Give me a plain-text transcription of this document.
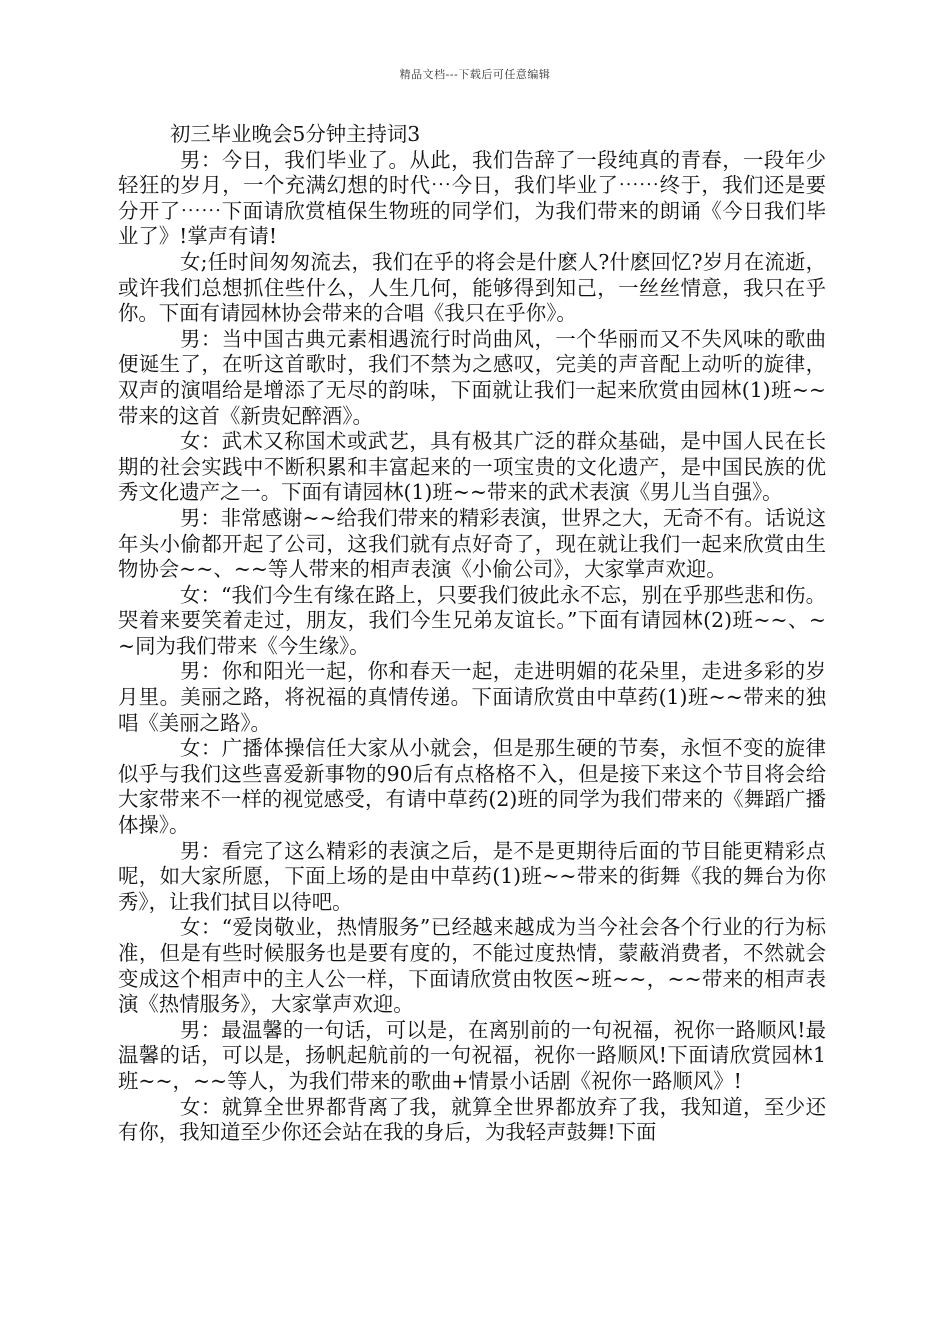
精品文档---下载后可任意编辑
初三毕业晚会5分钟主持词3

男：今日，我们毕业了。从此，我们告辞了一段纯真的青春，一段年少轻狂的岁月，一个充满幻想的时代⋯今日，我们毕业了⋯⋯终于，我们还是要分开了⋯⋯下面请欣赏植保生物班的同学们，为我们带来的朗诵《今日我们毕业了》!掌声有请!

女;任时间匆匆流去，我们在乎的将会是什麽人?什麽回忆?岁月在流逝，或许我们总想抓住些什么，人生几何，能够得到知己，一丝丝情意，我只在乎你。下面有请园林协会带来的合唱《我只在乎你》。

男：当中国古典元素相遇流行时尚曲风，一个华丽而又不失风味的歌曲便诞生了，在听这首歌时，我们不禁为之感叹，完美的声音配上动听的旋律，双声的演唱给是增添了无尽的韵味，下面就让我们一起来欣赏由园林(1)班~~带来的这首《新贵妃醉酒》。

女：武术又称国术或武艺，具有极其广泛的群众基础，是中国人民在长期的社会实践中不断积累和丰富起来的一项宝贵的文化遗产，是中国民族的优秀文化遗产之一。下面有请园林(1)班~~带来的武术表演《男儿当自强》。

男：非常感谢~~给我们带来的精彩表演，世界之大，无奇不有。话说这年头小偷都开起了公司，这我们就有点好奇了，现在就让我们一起来欣赏由生物协会~~、~~等人带来的相声表演《小偷公司》，大家掌声欢迎。

女：“我们今生有缘在路上，只要我们彼此永不忘，别在乎那些悲和伤。哭着来要笑着走过，朋友，我们今生兄弟友谊长。”下面有请园林(2)班~~、~~同为我们带来《今生缘》。

男：你和阳光一起，你和春天一起，走进明媚的花朵里，走进多彩的岁月里。美丽之路，将祝福的真情传递。下面请欣赏由中草药(1)班~~带来的独唱《美丽之路》。

女：广播体操信任大家从小就会，但是那生硬的节奏，永恒不变的旋律似乎与我们这些喜爱新事物的90后有点格格不入，但是接下来这个节目将会给大家带来不一样的视觉感受，有请中草药(2)班的同学为我们带来的《舞蹈广播体操》。

男：看完了这么精彩的表演之后，是不是更期待后面的节目能更精彩点呢，如大家所愿，下面上场的是由中草药(1)班~~带来的街舞《我的舞台为你秀》，让我们拭目以待吧。

女：“爱岗敬业，热情服务”已经越来越成为当今社会各个行业的行为标准，但是有些时候服务也是要有度的，不能过度热情，蒙蔽消费者，不然就会变成这个相声中的主人公一样，下面请欣赏由牧医~班~~，~~带来的相声表演《热情服务》，大家掌声欢迎。

男：最温馨的一句话，可以是，在离别前的一句祝福，祝你一路顺风!最温馨的话，可以是，扬帆起航前的一句祝福，祝你一路顺风!下面请欣赏园林1班~~，~~等人，为我们带来的歌曲+情景小话剧《祝你一路顺风》!

女：就算全世界都背离了我，就算全世界都放弃了我，我知道，至少还有你，我知道至少你还会站在我的身后，为我轻声鼓舞!下面
